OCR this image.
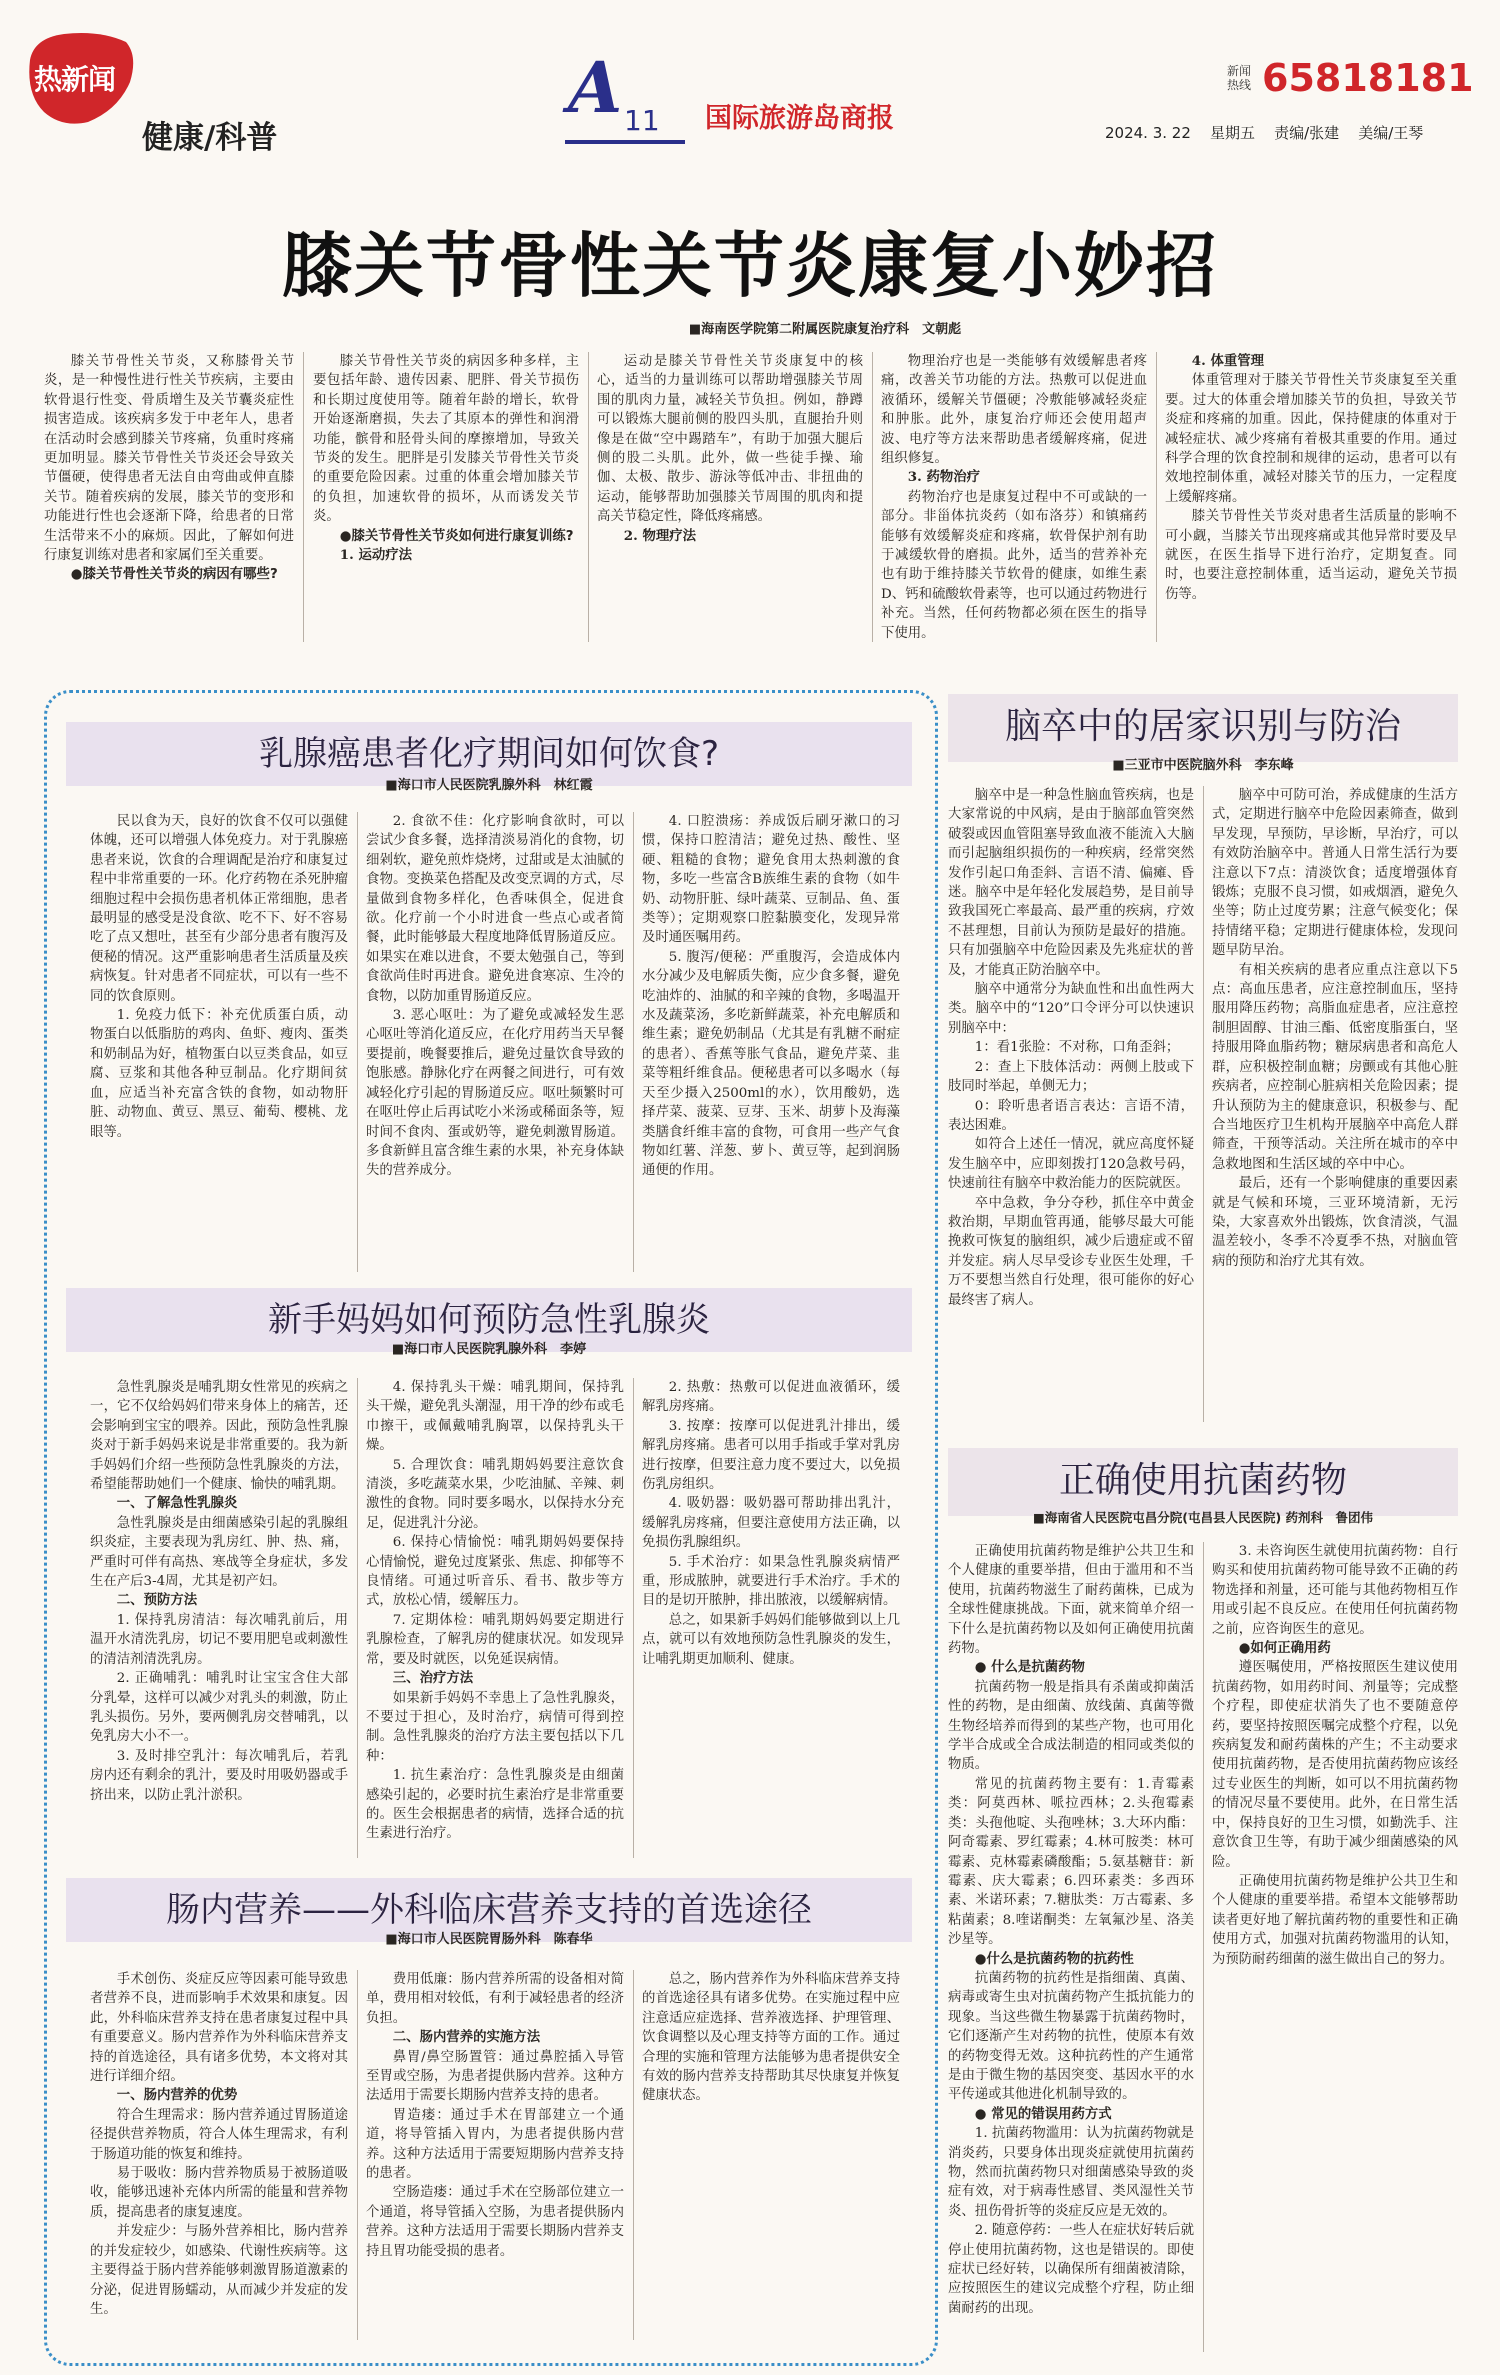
热新闻
健康/科普
A 11 国际旅游岛商报
新闻热线 65818181
2024. 3. 22 星期五 责编/张建 美编/王琴
膝关节骨性关节炎康复小妙招
■海南医学院第二附属医院康复治疗科　文朝彪

膝关节骨性关节炎，又称膝骨关节炎，是一种慢性进行性关节疾病，主要由软骨退行性变、骨质增生及关节囊炎症性损害造成。该疾病多发于中老年人，患者在活动时会感到膝关节疼痛，负重时疼痛更加明显。膝关节骨性关节炎还会导致关节僵硬，使得患者无法自由弯曲或伸直膝关节。随着疾病的发展，膝关节的变形和功能进行性也会逐渐下降，给患者的日常生活带来不小的麻烦。因此，了解如何进行康复训练对患者和家属们至关重要。

●膝关节骨性关节炎的病因有哪些?

膝关节骨性关节炎的病因多种多样，主要包括年龄、遗传因素、肥胖、骨关节损伤和长期过度使用等。随着年龄的增长，软骨开始逐渐磨损，失去了其原本的弹性和润滑功能，髌骨和胫骨头间的摩擦增加，导致关节炎的发生。肥胖是引发膝关节骨性关节炎的重要危险因素。过重的体重会增加膝关节的负担，加速软骨的损坏，从而诱发关节炎。

●膝关节骨性关节炎如何进行康复训练?

1. 运动疗法

运动是膝关节骨性关节炎康复中的核心，适当的力量训练可以帮助增强膝关节周围的肌肉力量，减轻关节负担。例如，静蹲可以锻炼大腿前侧的股四头肌，直腿抬升则像是在做“空中踢踏车”，有助于加强大腿后侧的股二头肌。此外，做一些徒手操、瑜伽、太极、散步、游泳等低冲击、非扭曲的运动，能够帮助加强膝关节周围的肌肉和提高关节稳定性，降低疼痛感。

2. 物理疗法

物理治疗也是一类能够有效缓解患者疼痛，改善关节功能的方法。热敷可以促进血液循环，缓解关节僵硬；冷敷能够减轻炎症和肿胀。此外，康复治疗师还会使用超声波、电疗等方法来帮助患者缓解疼痛，促进组织修复。

3. 药物治疗

药物治疗也是康复过程中不可或缺的一部分。非甾体抗炎药（如布洛芬）和镇痛药能够有效缓解炎症和疼痛，软骨保护剂有助于减缓软骨的磨损。此外，适当的营养补充也有助于维持膝关节软骨的健康，如维生素D、钙和硫酸软骨素等，也可以通过药物进行补充。当然，任何药物都必须在医生的指导下使用。

4. 体重管理

体重管理对于膝关节骨性关节炎康复至关重要。过大的体重会增加膝关节的负担，导致关节炎症和疼痛的加重。因此，保持健康的体重对于减轻症状、减少疼痛有着极其重要的作用。通过科学合理的饮食控制和规律的运动，患者可以有效地控制体重，减轻对膝关节的压力，一定程度上缓解疼痛。

膝关节骨性关节炎对患者生活质量的影响不可小觑，当膝关节出现疼痛或其他异常时要及早就医，在医生指导下进行治疗，定期复查。同时，也要注意控制体重，适当运动，避免关节损伤等。

乳腺癌患者化疗期间如何饮食?
■海口市人民医院乳腺外科　林红霞

民以食为天，良好的饮食不仅可以强健体魄，还可以增强人体免疫力。对于乳腺癌患者来说，饮食的合理调配是治疗和康复过程中非常重要的一环。化疗药物在杀死肿瘤细胞过程中会损伤患者机体正常细胞，患者最明显的感受是没食欲、吃不下、好不容易吃了点又想吐，甚至有少部分患者有腹泻及便秘的情况。这严重影响患者生活质量及疾病恢复。针对患者不同症状，可以有一些不同的饮食原则。

1. 免疫力低下：补充优质蛋白质，动物蛋白以低脂肪的鸡肉、鱼虾、瘦肉、蛋类和奶制品为好，植物蛋白以豆类食品，如豆腐、豆浆和其他各种豆制品。化疗期间贫血，应适当补充富含铁的食物，如动物肝脏、动物血、黄豆、黑豆、葡萄、樱桃、龙眼等。

2. 食欲不佳：化疗影响食欲时，可以尝试少食多餐，选择清淡易消化的食物，切细剁软，避免煎炸烧烤，过甜或是太油腻的食物。变换菜色搭配及改变烹调的方式，尽量做到食物多样化，色香味俱全，促进食欲。化疗前一个小时进食一些点心或者简餐，此时能够最大程度地降低胃肠道反应。如果实在难以进食，不要太勉强自己，等到食欲尚佳时再进食。避免进食寒凉、生冷的食物，以防加重胃肠道反应。

3. 恶心呕吐：为了避免或减轻发生恶心呕吐等消化道反应，在化疗用药当天早餐要提前，晚餐要推后，避免过量饮食导致的饱胀感。静脉化疗在两餐之间进行，可有效减轻化疗引起的胃肠道反应。呕吐频繁时可在呕吐停止后再试吃小米汤或稀面条等，短时间不食肉、蛋或奶等，避免刺激胃肠道。多食新鲜且富含维生素的水果，补充身体缺失的营养成分。

4. 口腔溃疡：养成饭后刷牙漱口的习惯，保持口腔清洁；避免过热、酸性、坚硬、粗糙的食物；避免食用太热刺激的食物，多吃一些富含B族维生素的食物（如牛奶、动物肝脏、绿叶蔬菜、豆制品、鱼、蛋类等）；定期观察口腔黏膜变化，发现异常及时通医嘱用药。

5. 腹泻/便秘：严重腹泻，会造成体内水分减少及电解质失衡，应少食多餐，避免吃油炸的、油腻的和辛辣的食物，多喝温开水及蔬菜汤，多吃新鲜蔬菜，补充电解质和维生素；避免奶制品（尤其是有乳糖不耐症的患者）、香蕉等胀气食品，避免芹菜、韭菜等粗纤维食品。便秘患者可以多喝水（每天至少摄入2500ml的水），饮用酸奶，选择芹菜、菠菜、豆芽、玉米、胡萝卜及海藻类膳食纤维丰富的食物，可食用一些产气食物如红薯、洋葱、萝卜、黄豆等，起到润肠通便的作用。

新手妈妈如何预防急性乳腺炎
■海口市人民医院乳腺外科　李婷

急性乳腺炎是哺乳期女性常见的疾病之一，它不仅给妈妈们带来身体上的痛苦，还会影响到宝宝的喂养。因此，预防急性乳腺炎对于新手妈妈来说是非常重要的。我为新手妈妈们介绍一些预防急性乳腺炎的方法，希望能帮助她们一个健康、愉快的哺乳期。

一、了解急性乳腺炎

急性乳腺炎是由细菌感染引起的乳腺组织炎症，主要表现为乳房红、肿、热、痛，严重时可伴有高热、寒战等全身症状，多发生在产后3-4周，尤其是初产妇。

二、预防方法

1. 保持乳房清洁：每次哺乳前后，用温开水清洗乳房，切记不要用肥皂或刺激性的清洁剂清洗乳房。

2. 正确哺乳：哺乳时让宝宝含住大部分乳晕，这样可以减少对乳头的刺激，防止乳头损伤。另外，要两侧乳房交替哺乳，以免乳房大小不一。

3. 及时排空乳汁：每次哺乳后，若乳房内还有剩余的乳汁，要及时用吸奶器或手挤出来，以防止乳汁淤积。

4. 保持乳头干燥：哺乳期间，保持乳头干燥，避免乳头潮湿，用干净的纱布或毛巾擦干，或佩戴哺乳胸罩，以保持乳头干燥。

5. 合理饮食：哺乳期妈妈要注意饮食清淡，多吃蔬菜水果，少吃油腻、辛辣、刺激性的食物。同时要多喝水，以保持水分充足，促进乳汁分泌。

6. 保持心情愉悦：哺乳期妈妈要保持心情愉悦，避免过度紧张、焦虑、抑郁等不良情绪。可通过听音乐、看书、散步等方式，放松心情，缓解压力。

7. 定期体检：哺乳期妈妈要定期进行乳腺检查，了解乳房的健康状况。如发现异常，要及时就医，以免延误病情。

三、治疗方法

如果新手妈妈不幸患上了急性乳腺炎，不要过于担心，及时治疗，病情可得到控制。急性乳腺炎的治疗方法主要包括以下几种：

1. 抗生素治疗：急性乳腺炎是由细菌感染引起的，必要时抗生素治疗是非常重要的。医生会根据患者的病情，选择合适的抗生素进行治疗。

2. 热敷：热敷可以促进血液循环，缓解乳房疼痛。

3. 按摩：按摩可以促进乳汁排出，缓解乳房疼痛。患者可以用手指或手掌对乳房进行按摩，但要注意力度不要过大，以免损伤乳房组织。

4. 吸奶器：吸奶器可帮助排出乳汁，缓解乳房疼痛，但要注意使用方法正确，以免损伤乳腺组织。

5. 手术治疗：如果急性乳腺炎病情严重，形成脓肿，就要进行手术治疗。手术的目的是切开脓肿，排出脓液，以缓解病情。

总之，如果新手妈妈们能够做到以上几点，就可以有效地预防急性乳腺炎的发生，让哺乳期更加顺利、健康。

肠内营养——外科临床营养支持的首选途径
■海口市人民医院胃肠外科　陈春华

手术创伤、炎症反应等因素可能导致患者营养不良，进而影响手术效果和康复。因此，外科临床营养支持在患者康复过程中具有重要意义。肠内营养作为外科临床营养支持的首选途径，具有诸多优势，本文将对其进行详细介绍。

一、肠内营养的优势

符合生理需求：肠内营养通过胃肠道途径提供营养物质，符合人体生理需求，有利于肠道功能的恢复和维持。

易于吸收：肠内营养物质易于被肠道吸收，能够迅速补充体内所需的能量和营养物质，提高患者的康复速度。

并发症少：与肠外营养相比，肠内营养的并发症较少，如感染、代谢性疾病等。这主要得益于肠内营养能够刺激胃肠道激素的分泌，促进胃肠蠕动，从而减少并发症的发生。

费用低廉：肠内营养所需的设备相对简单，费用相对较低，有利于减轻患者的经济负担。

二、肠内营养的实施方法

鼻胃/鼻空肠置管：通过鼻腔插入导管至胃或空肠，为患者提供肠内营养。这种方法适用于需要长期肠内营养支持的患者。

胃造瘘：通过手术在胃部建立一个通道，将导管插入胃内，为患者提供肠内营养。这种方法适用于需要短期肠内营养支持的患者。

空肠造瘘：通过手术在空肠部位建立一个通道，将导管插入空肠，为患者提供肠内营养。这种方法适用于需要长期肠内营养支持且胃功能受损的患者。

总之，肠内营养作为外科临床营养支持的首选途径具有诸多优势。在实施过程中应注意适应症选择、营养液选择、护理管理、饮食调整以及心理支持等方面的工作。通过合理的实施和管理方法能够为患者提供安全有效的肠内营养支持帮助其尽快康复并恢复健康状态。

脑卒中的居家识别与防治
■三亚市中医院脑外科　李东峰

脑卒中是一种急性脑血管疾病，也是大家常说的中风病，是由于脑部血管突然破裂或因血管阻塞导致血液不能流入大脑而引起脑组织损伤的一种疾病，经常突然发作引起口角歪斜、言语不清、偏瘫、昏迷。脑卒中是年轻化发展趋势，是目前导致我国死亡率最高、最严重的疾病，疗效不甚理想，目前认为预防是最好的措施。只有加强脑卒中危险因素及先兆症状的普及，才能真正防治脑卒中。

脑卒中通常分为缺血性和出血性两大类。脑卒中的“120”口令评分可以快速识别脑卒中：

1：看1张脸：不对称，口角歪斜；

2：查上下肢体活动：两侧上肢或下肢同时举起，单侧无力；

0：聆听患者语言表达：言语不清，表达困难。

如符合上述任一情况，就应高度怀疑发生脑卒中，应即刻拨打120急救号码，快速前往有脑卒中救治能力的医院就医。

卒中急救，争分夺秒，抓住卒中黄金救治期，早期血管再通，能够尽最大可能挽救可恢复的脑组织，减少后遗症或不留并发症。病人尽早受诊专业医生处理，千万不要想当然自行处理，很可能你的好心最终害了病人。

脑卒中可防可治，养成健康的生活方式，定期进行脑卒中危险因素筛查，做到早发现，早预防，早诊断，早治疗，可以有效防治脑卒中。普通人日常生活行为要注意以下7点：清淡饮食；适度增强体育锻炼；克服不良习惯，如戒烟酒，避免久坐等；防止过度劳累；注意气候变化；保持情绪平稳；定期进行健康体检，发现问题早防早治。

有相关疾病的患者应重点注意以下5点：高血压患者，应注意控制血压，坚持服用降压药物；高脂血症患者，应注意控制胆固醇、甘油三酯、低密度脂蛋白，坚持服用降血脂药物；糖尿病患者和高危人群，应积极控制血糖；房颤或有其他心脏疾病者，应控制心脏病相关危险因素；提升认预防为主的健康意识，积极参与、配合当地医疗卫生机构开展脑卒中高危人群筛查，干预等活动。关注所在城市的卒中急救地图和生活区域的卒中中心。

最后，还有一个影响健康的重要因素就是气候和环境，三亚环境清新，无污染，大家喜欢外出锻炼，饮食清淡，气温温差较小，冬季不冷夏季不热，对脑血管病的预防和治疗尤其有效。

正确使用抗菌药物
■海南省人民医院屯昌分院(屯昌县人民医院) 药剂科　鲁团伟

正确使用抗菌药物是维护公共卫生和个人健康的重要举措，但由于滥用和不当使用，抗菌药物滋生了耐药菌株，已成为全球性健康挑战。下面，就来简单介绍一下什么是抗菌药物以及如何正确使用抗菌药物。

● 什么是抗菌药物

抗菌药物一般是指具有杀菌或抑菌活性的药物，是由细菌、放线菌、真菌等微生物经培养而得到的某些产物，也可用化学半合成或全合成法制造的相同或类似的物质。

常见的抗菌药物主要有：1.青霉素类：阿莫西林、哌拉西林；2.头孢霉素类：头孢他啶、头孢唑林；3.大环内酯：阿奇霉素、罗红霉素；4.林可胺类：林可霉素、克林霉素磷酸酯；5.氨基糖苷：新霉素、庆大霉素；6.四环素类：多西环素、米诺环素；7.糖肽类：万古霉素、多粘菌素；8.喹诺酮类：左氧氟沙星、洛美沙星等。

●什么是抗菌药物的抗药性

抗菌药物的抗药性是指细菌、真菌、病毒或寄生虫对抗菌药物产生抵抗能力的现象。当这些微生物暴露于抗菌药物时，它们逐渐产生对药物的抗性，使原本有效的药物变得无效。这种抗药性的产生通常是由于微生物的基因突变、基因水平的水平传递或其他进化机制导致的。

● 常见的错误用药方式

1. 抗菌药物滥用：认为抗菌药物就是消炎药，只要身体出现炎症就使用抗菌药物，然而抗菌药物只对细菌感染导致的炎症有效，对于病毒性感冒、类风湿性关节炎、扭伤骨折等的炎症反应是无效的。

2. 随意停药：一些人在症状好转后就停止使用抗菌药物，这也是错误的。即使症状已经好转，以确保所有细菌被清除，应按照医生的建议完成整个疗程，防止细菌耐药的出现。

3. 未咨询医生就使用抗菌药物：自行购买和使用抗菌药物可能导致不正确的药物选择和剂量，还可能与其他药物相互作用或引起不良反应。在使用任何抗菌药物之前，应咨询医生的意见。

●如何正确用药

遵医嘱使用，严格按照医生建议使用抗菌药物，如用药时间、剂量等；完成整个疗程，即使症状消失了也不要随意停药，要坚持按照医嘱完成整个疗程，以免疾病复发和耐药菌株的产生；不主动要求使用抗菌药物，是否使用抗菌药物应该经过专业医生的判断，如可以不用抗菌药物的情况尽量不要使用。此外，在日常生活中，保持良好的卫生习惯，如勤洗手、注意饮食卫生等，有助于减少细菌感染的风险。

正确使用抗菌药物是维护公共卫生和个人健康的重要举措。希望本文能够帮助读者更好地了解抗菌药物的重要性和正确使用方式，加强对抗菌药物滥用的认知，为预防耐药细菌的滋生做出自己的努力。
